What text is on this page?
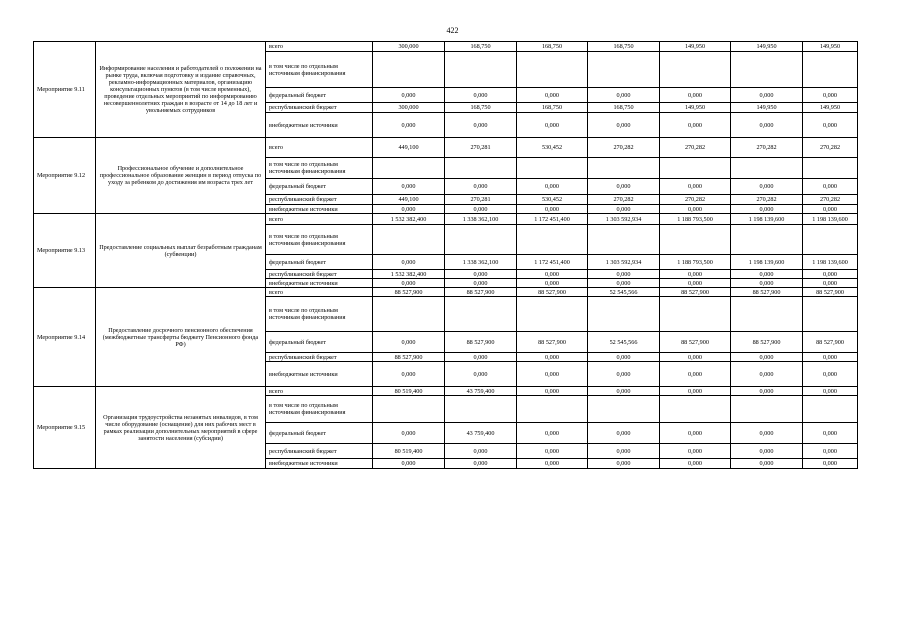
422
Мероприятие 9.11	Информирование населения и работодателей о положении на рынке труда, включая подготовку и издание справочных, рекламно-информационных материалов, организацию консультационных пунктов (в том числе временных), проведение отдельных мероприятий по информированию несовершеннолетних граждан в возрасте от 14 до 18 лет и увольняемых сотрудников	всего	300,000	168,750	168,750	168,750	149,950	149,950	149,950
		в том числе по отдельным источникам финансирования							
		федеральный бюджет	0,000	0,000	0,000	0,000	0,000	0,000	0,000
		республиканский бюджет	300,000	168,750	168,750	168,750	149,950	149,950	149,950
		внебюджетные источники	0,000	0,000	0,000	0,000	0,000	0,000	0,000
Мероприятие 9.12	Профессиональное обучение и дополнительное профессиональное образование женщин в период отпуска по уходу за ребенком до достижения им возраста трех лет	всего	449,100	270,281	530,452	270,282	270,282	270,282	270,282
		в том числе по отдельным источникам финансирования							
		федеральный бюджет	0,000	0,000	0,000	0,000	0,000	0,000	0,000
		республиканский бюджет	449,100	270,281	530,452	270,282	270,282	270,282	270,282
		внебюджетные источники	0,000	0,000	0,000	0,000	0,000	0,000	0,000
Мероприятие 9.13	Предоставление социальных выплат безработным гражданам (субвенции)	всего	1 532 382,400	1 338 362,100	1 172 451,400	1 303 592,934	1 188 793,500	1 198 139,600	1 198 139,600
		в том числе по отдельным источникам финансирования							
		федеральный бюджет	0,000	1 338 362,100	1 172 451,400	1 303 592,934	1 188 793,500	1 198 139,600	1 198 139,600
		республиканский бюджет	1 532 382,400	0,000	0,000	0,000	0,000	0,000	0,000
		внебюджетные источники	0,000	0,000	0,000	0,000	0,000	0,000	0,000
Мероприятие 9.14	Предоставление досрочного пенсионного обеспечения (межбюджетные трансферты бюджету Пенсионного фонда РФ)	всего	88 527,900	88 527,900	88 527,900	52 545,566	88 527,900	88 527,900	88 527,900
		в том числе по отдельным источникам финансирования							
		федеральный бюджет	0,000	88 527,900	88 527,900	52 545,566	88 527,900	88 527,900	88 527,900
		республиканский бюджет	88 527,900	0,000	0,000	0,000	0,000	0,000	0,000
		внебюджетные источники	0,000	0,000	0,000	0,000	0,000	0,000	0,000
Мероприятие 9.15	Организация трудоустройства незанятых инвалидов, в том числе оборудование (оснащение) для них рабочих мест в рамках реализации дополнительных мероприятий в сфере занятости населения (субсидии)	всего	80 519,400	43 759,400	0,000	0,000	0,000	0,000	0,000
		в том числе по отдельным источникам финансирования							
		федеральный бюджет	0,000	43 759,400	0,000	0,000	0,000	0,000	0,000
		республиканский бюджет	80 519,400	0,000	0,000	0,000	0,000	0,000	0,000
		внебюджетные источники	0,000	0,000	0,000	0,000	0,000	0,000	0,000
